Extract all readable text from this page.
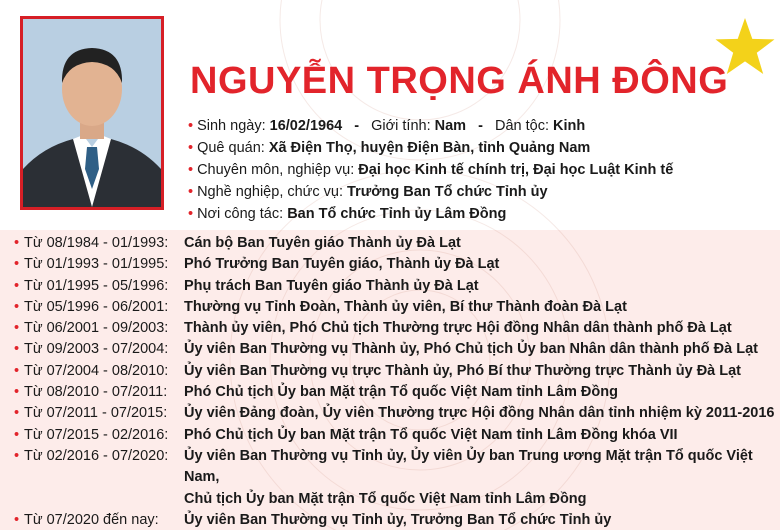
NGUYỄN TRỌNG ÁNH ĐÔNG
• Sinh ngày: 16/02/1964 - Giới tính: Nam - Dân tộc: Kinh
• Quê quán: Xã Điện Thọ, huyện Điện Bàn, tỉnh Quảng Nam
• Chuyên môn, nghiệp vụ: Đại học Kinh tế chính trị, Đại học Luật Kinh tế
• Nghề nghiệp, chức vụ: Trưởng Ban Tổ chức Tỉnh ủy
• Nơi công tác: Ban Tổ chức Tỉnh ủy Lâm Đồng
• Từ 08/1984 - 01/1993: Cán bộ Ban Tuyên giáo Thành ủy Đà Lạt
• Từ 01/1993 - 01/1995: Phó Trưởng Ban Tuyên giáo, Thành ủy Đà Lạt
• Từ 01/1995 - 05/1996: Phụ trách Ban Tuyên giáo Thành ủy Đà Lạt
• Từ 05/1996 - 06/2001: Thường vụ Tỉnh Đoàn, Thành ủy viên, Bí thư Thành đoàn Đà Lạt
• Từ 06/2001 - 09/2003: Thành ủy viên, Phó Chủ tịch Thường trực Hội đồng Nhân dân thành phố Đà Lạt
• Từ 09/2003 - 07/2004: Ủy viên Ban Thường vụ Thành ủy, Phó Chủ tịch Ủy ban Nhân dân thành phố Đà Lạt
• Từ 07/2004 - 08/2010: Ủy viên Ban Thường vụ trực Thành ủy, Phó Bí thư Thường trực Thành ủy Đà Lạt
• Từ 08/2010 - 07/2011: Phó Chủ tịch Ủy ban Mặt trận Tổ quốc Việt Nam tỉnh Lâm Đồng
• Từ 07/2011 - 07/2015: Ủy viên Đảng đoàn, Ủy viên Thường trực Hội đồng Nhân dân tỉnh nhiệm kỳ 2011-2016
• Từ 07/2015 - 02/2016: Phó Chủ tịch Ủy ban Mặt trận Tổ quốc Việt Nam tỉnh Lâm Đồng khóa VII
• Từ 02/2016 - 07/2020: Ủy viên Ban Thường vụ Tỉnh ủy, Ủy viên Ủy ban Trung ương Mặt trận Tổ quốc Việt Nam,
Chủ tịch Ủy ban Mặt trận Tổ quốc Việt Nam tỉnh Lâm Đồng
• Từ 07/2020 đến nay: Ủy viên Ban Thường vụ Tỉnh ủy, Trưởng Ban Tổ chức Tỉnh ủy
